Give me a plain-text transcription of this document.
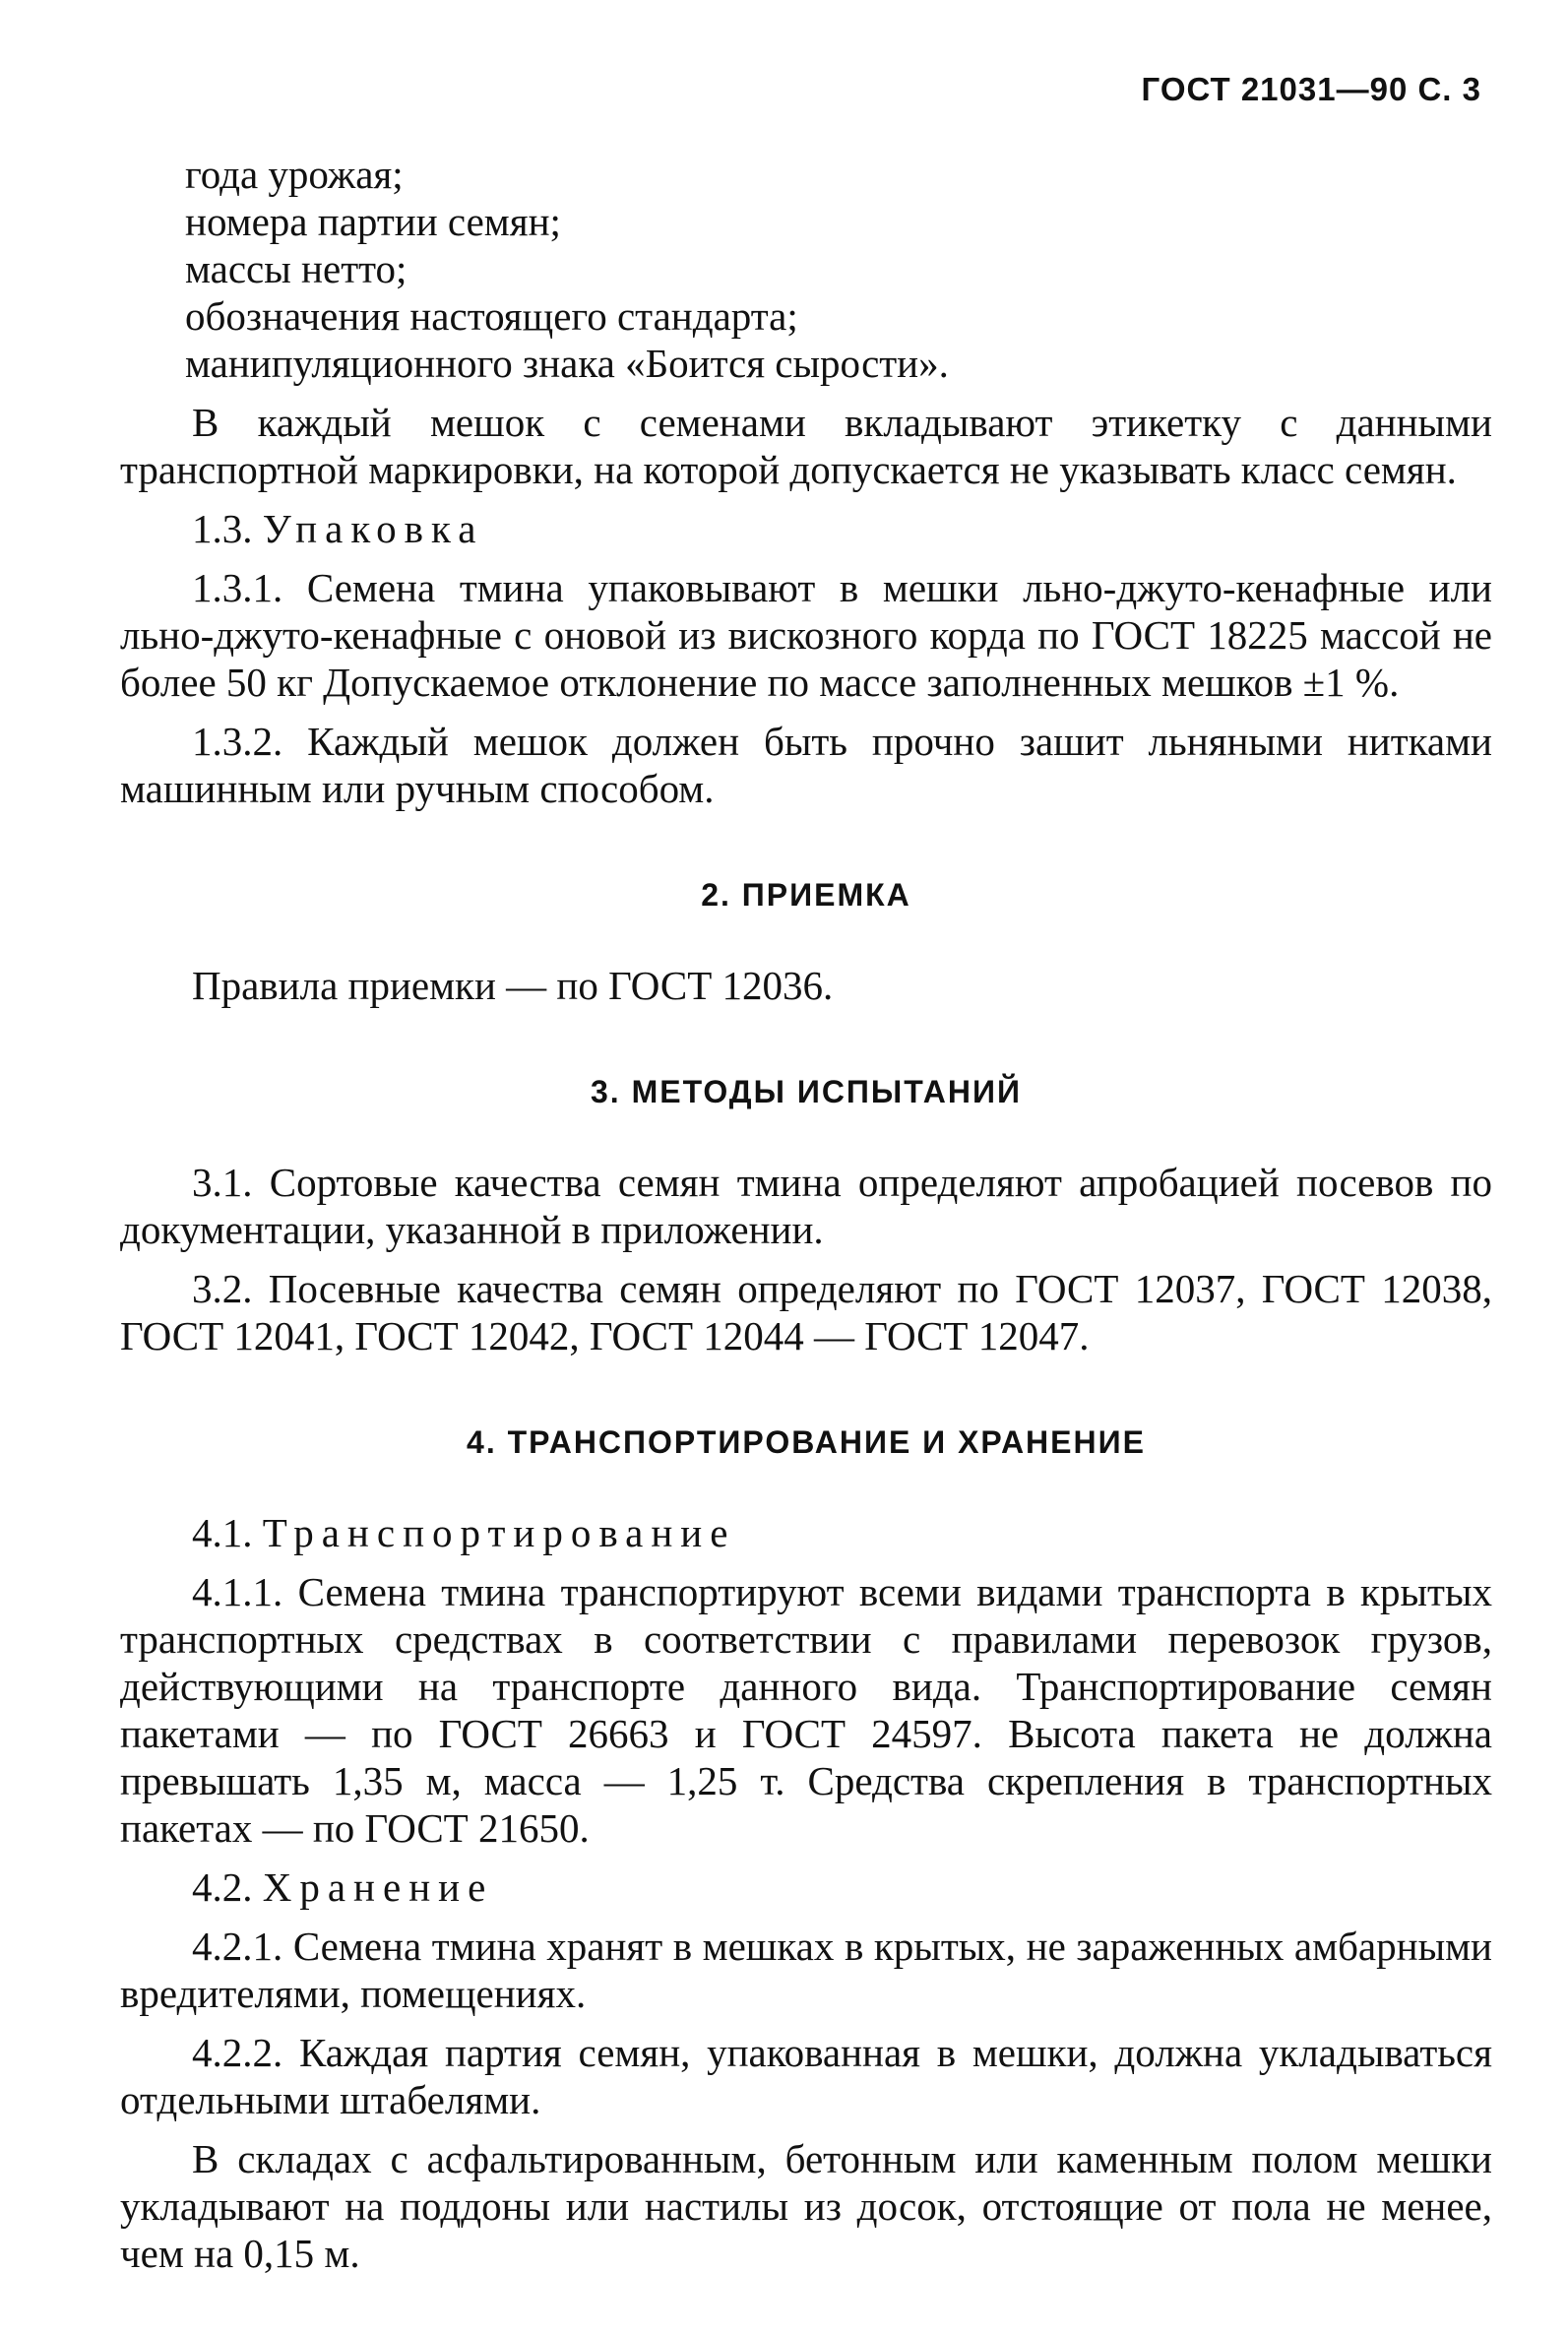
ГОСТ 21031—90 С. 3

года урожая;

номера партии семян;

массы нетто;

обозначения настоящего стандарта;

манипуляционного знака «Боится сырости».

В каждый мешок с семенами вкладывают этикетку с данными транспортной маркировки, на которой допускается не указывать класс семян.

1.3. Упаковка

1.3.1. Семена тмина упаковывают в мешки льно-джуто-кенафные или льно-джуто-кенафные с оновой из вискозного корда по ГОСТ 18225 массой не более 50 кг Допускаемое отклонение по массе заполненных мешков ±1 %.

1.3.2. Каждый мешок должен быть прочно зашит льняными нитками машинным или ручным способом.

2. ПРИЕМКА

Правила приемки — по ГОСТ 12036.

3. МЕТОДЫ ИСПЫТАНИЙ

3.1. Сортовые качества семян тмина определяют апробацией посевов по документации, указанной в приложении.

3.2. Посевные качества семян определяют по ГОСТ 12037, ГОСТ 12038, ГОСТ 12041, ГОСТ 12042, ГОСТ 12044 — ГОСТ 12047.

4. ТРАНСПОРТИРОВАНИЕ И ХРАНЕНИЕ

4.1. Транспортирование

4.1.1. Семена тмина транспортируют всеми видами транспорта в крытых транспортных средствах в соответствии с правилами перевозок грузов, действующими на транспорте данного вида. Транспортирование семян пакетами — по ГОСТ 26663 и ГОСТ 24597. Высота пакета не должна превышать 1,35 м, масса — 1,25 т. Средства скрепления в транспортных пакетах — по ГОСТ 21650.

4.2. Хранение

4.2.1. Семена тмина хранят в мешках в крытых, не зараженных амбарными вредителями, помещениях.

4.2.2. Каждая партия семян, упакованная в мешки, должна укладываться отдельными штабелями.

В складах с асфальтированным, бетонным или каменным полом мешки укладывают на поддоны или настилы из досок, отстоящие от пола не менее, чем на 0,15 м.
